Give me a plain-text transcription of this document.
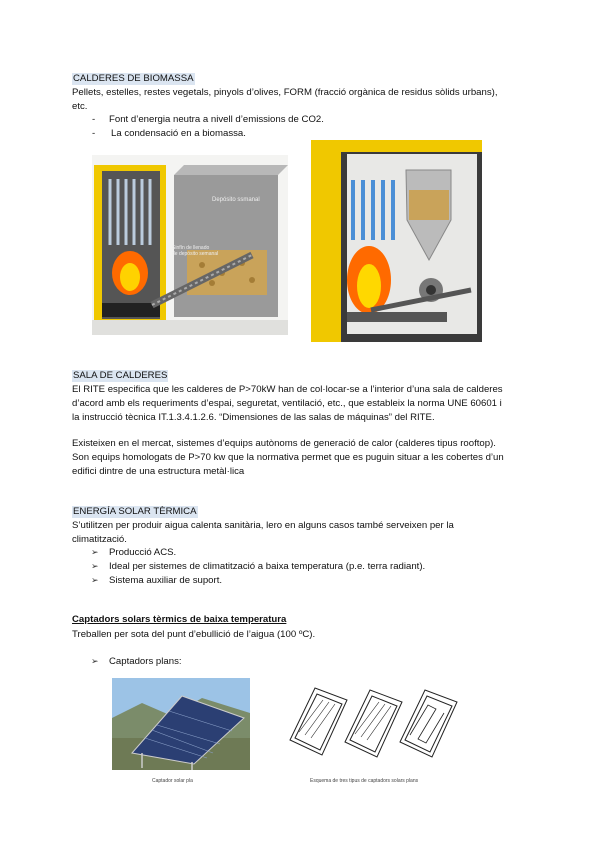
CALDERES DE BIOMASSA
Pellets, estelles, restes vegetals, pinyols d’olives, FORM (fracció orgànica de residus sòlids urbans),
etc.
- Font d’energia neutra a nivell d’emissions de CO2.
- La condensació en a biomassa.
Depósito ssmanal
Sinfín de llenado
de depósito semanal
SALA DE CALDERES
El RITE especifica que les calderes de P>70kW han de col·locar-se a l’interior d’una sala de calderes
d’acord amb els requeriments d’espai, seguretat, ventilació, etc., que estableix la norma UNE 60601 i
la instrucció tècnica IT.1.3.4.1.2.6. “Dimensiones de las salas de máquinas” del RITE.
Existeixen en el mercat, sistemes d’equips autònoms de generació de calor (calderes tipus rooftop).
Son equips homologats de P>70 kw que la normativa permet que es puguin situar a les cobertes d’un
edifici dintre de una estructura metàl·lica
ENERGÍA SOLAR TÈRMICA
S’utilitzen per produir aigua calenta sanitària, lero en alguns casos també serveixen per la
climatització.
➢ Producció ACS.
➢ Ideal per sistemes de climatització a baixa temperatura (p.e. terra radiant).
➢ Sistema auxiliar de suport.
Captadors solars tèrmics de baixa temperatura
Treballen per sota del punt d’ebullició de l’aigua (100 ºC).
➢ Captadors plans:
Captador solar pla	Esquema de tres tipus de captadors solars plans
